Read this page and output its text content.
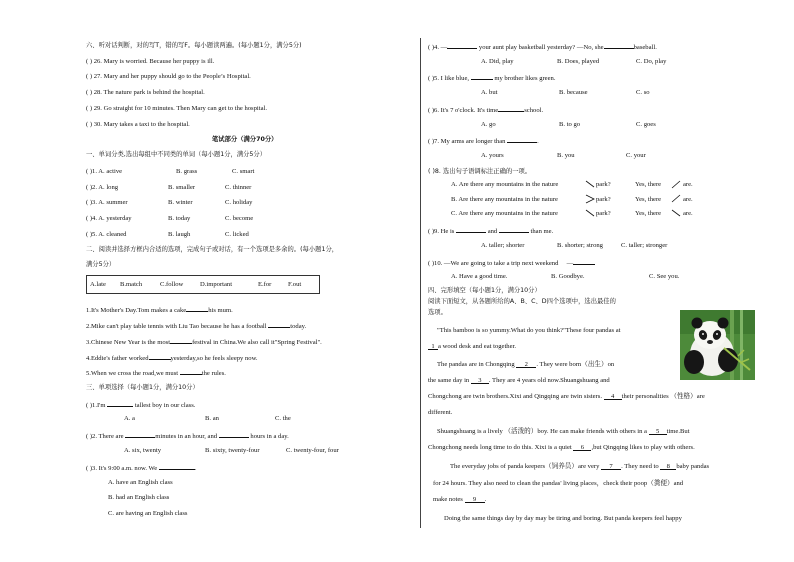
六、听对话判断，对的写T，错的写F。每小题读两遍。(每小题1分，满分5分)
( ) 26. Mary is worried. Because her puppy is ill.
( ) 27. Mary and her puppy should go to the People’s Hospital.
( ) 28. The nature park is behind the hospital.
( ) 29. Go straight for 10 minutes. Then Mary can get to the hospital.
( ) 30. Mary takes a taxi to the hospital.
笔试部分（满分70分）
一、单词分类,选出每组中不同类的单词（每小题1分，满分5分）
( )1. A. active	B. grass	C. smart
( )2. A. long	B. smaller	C. thinner
( )3. A. summer	B. winter	C. holiday
( )4. A. yesterday	B. today	C. become
( )5. A. cleaned	B. laugh	C. licked
二、阅读并选择方框内合适的选项，完成句子或对话，有一个选项是多余的。(每小题1分，
满分5分）
A.late B.match	C.follow	D.important	E.for	F.out
1.It's Mother's Day.Tom makes a cake	his mum.
2.Mike can't play table tennis with Liu Tao because he has a football	today.
3.Chinese New Year is the most	festival in China.We also call it"Spring Festival".
4.Eddie's father worked	yesterday,so he feels sleepy now.
5.When we cross the road,we must	the rules.
三、单项选择（每小题1分，满分10分）
( )1.I'm	tallest boy in our class.
A. a	B. an	C. the
( )2. There are	minutes in an hour, and	hours in a day.
A. six, twenty	B. sixty, twenty-four	C. twenty-four, four
( )3. It's 9:00 a.m. now. We	.
A. have an English class
B. had an English class
C. are having an English class
( )4. —	your aunt play basketball yesterday? —No, she	baseball.
A. Did, play	B. Does, played	C. Do, play
( )5. I like blue,	my brother likes green.
A. but	B. because	C. so
( )6. It's 7 o'clock. It's time	school.
A. go	B. to go	C. goes
( )7. My arms are longer than	.
A. yours	B. you	C. your
( )8. 选出句子语调标注正确的一项。
A. Are there any mountains in the nature	park?	Yes, there	are.
B. Are there any mountains in the nature	park?	Yes, there	are.
C. Are there any mountains in the nature	park?	Yes, there	are.
( )9. He is	and	than me.
A. taller; shorter	B. shorter; strong	C. taller; stronger
( )10. —We are going to take a trip next weekend —
A. Have a good time.	B. Goodbye.	C. See you.
四、完形填空（每小题1分，满分10分）
阅读下面短文，从各题所给的A、B、C、D四个选项中，选出最佳的
选项。
"This bamboo is so yummy.What do you think?"These four pandas at
1 a wood desk and eat together.
The pandas are in Chongqing 2 . They were born（出生）on
the same day in 3 . They are 4 years old now.Shuangshuang and
Chongchong are twin brothers.Xixi and Qingqing are twin sisters. 4 their personalities （性格）are
different.
Shuangshuang is a lively （活泼的）boy. He can make friends with others in a 5 time.But
Chongchong needs long time to do this. Xixi is a quiet 6 ,but Qingqing likes to play with others.
The everyday jobs of panda keepers（饲养员）are very 7 . They need to 8 baby pandas
for 24 hours. They also need to clean the pandas' living places，check their poop（粪便）and
make notes 9 .
Doing the same things day by day may be tiring and boring. But panda keepers feel happy
